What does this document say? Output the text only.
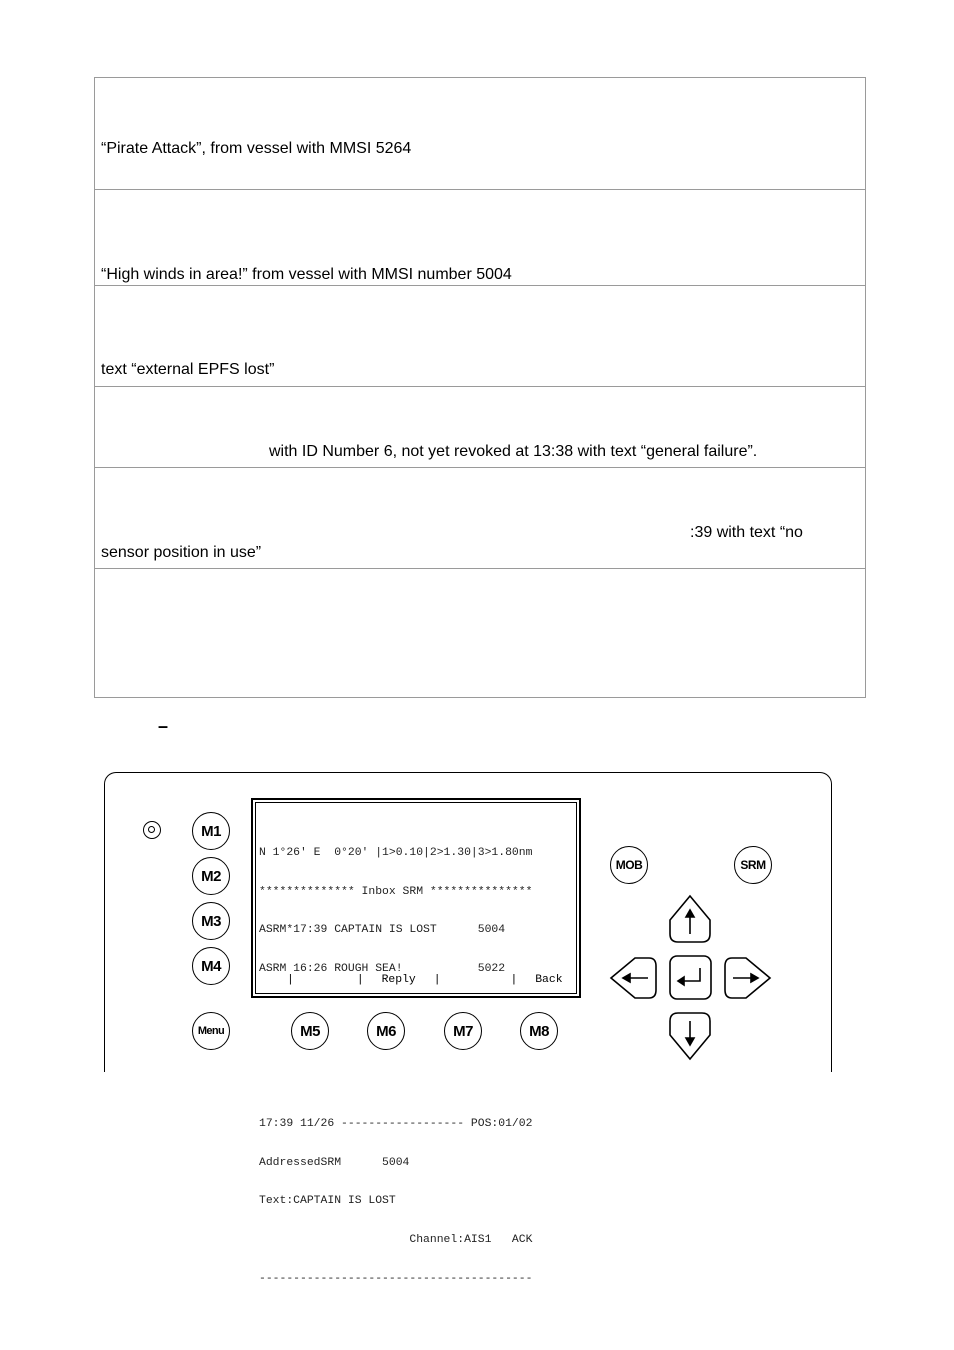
“Pirate Attack”, from vessel with MMSI 5264
“High winds in area!” from vessel with MMSI number 5004
text “external EPFS lost”
with ID Number 6, not yet revoked at 13:38 with text “general failure”.
:39 with text “no
sensor position in use”
–
M1
M2
M3
M4
Menu	M5	M6	M7	M8
MOB	SRM

N 1°26' E  0°20' |1>0.10|2>1.30|3>1.80nm

************** Inbox SRM ***************

ASRM*17:39 CAPTAIN IS LOST      5004

ASRM 16:26 ROUGH SEA!           5022

17:39 11/26 ------------------ POS:01/02

AddressedSRM      5004

Text:CAPTAIN IS LOST

Channel:AIS1   ACK

----------------------------------------

|	| Reply |	| Back
